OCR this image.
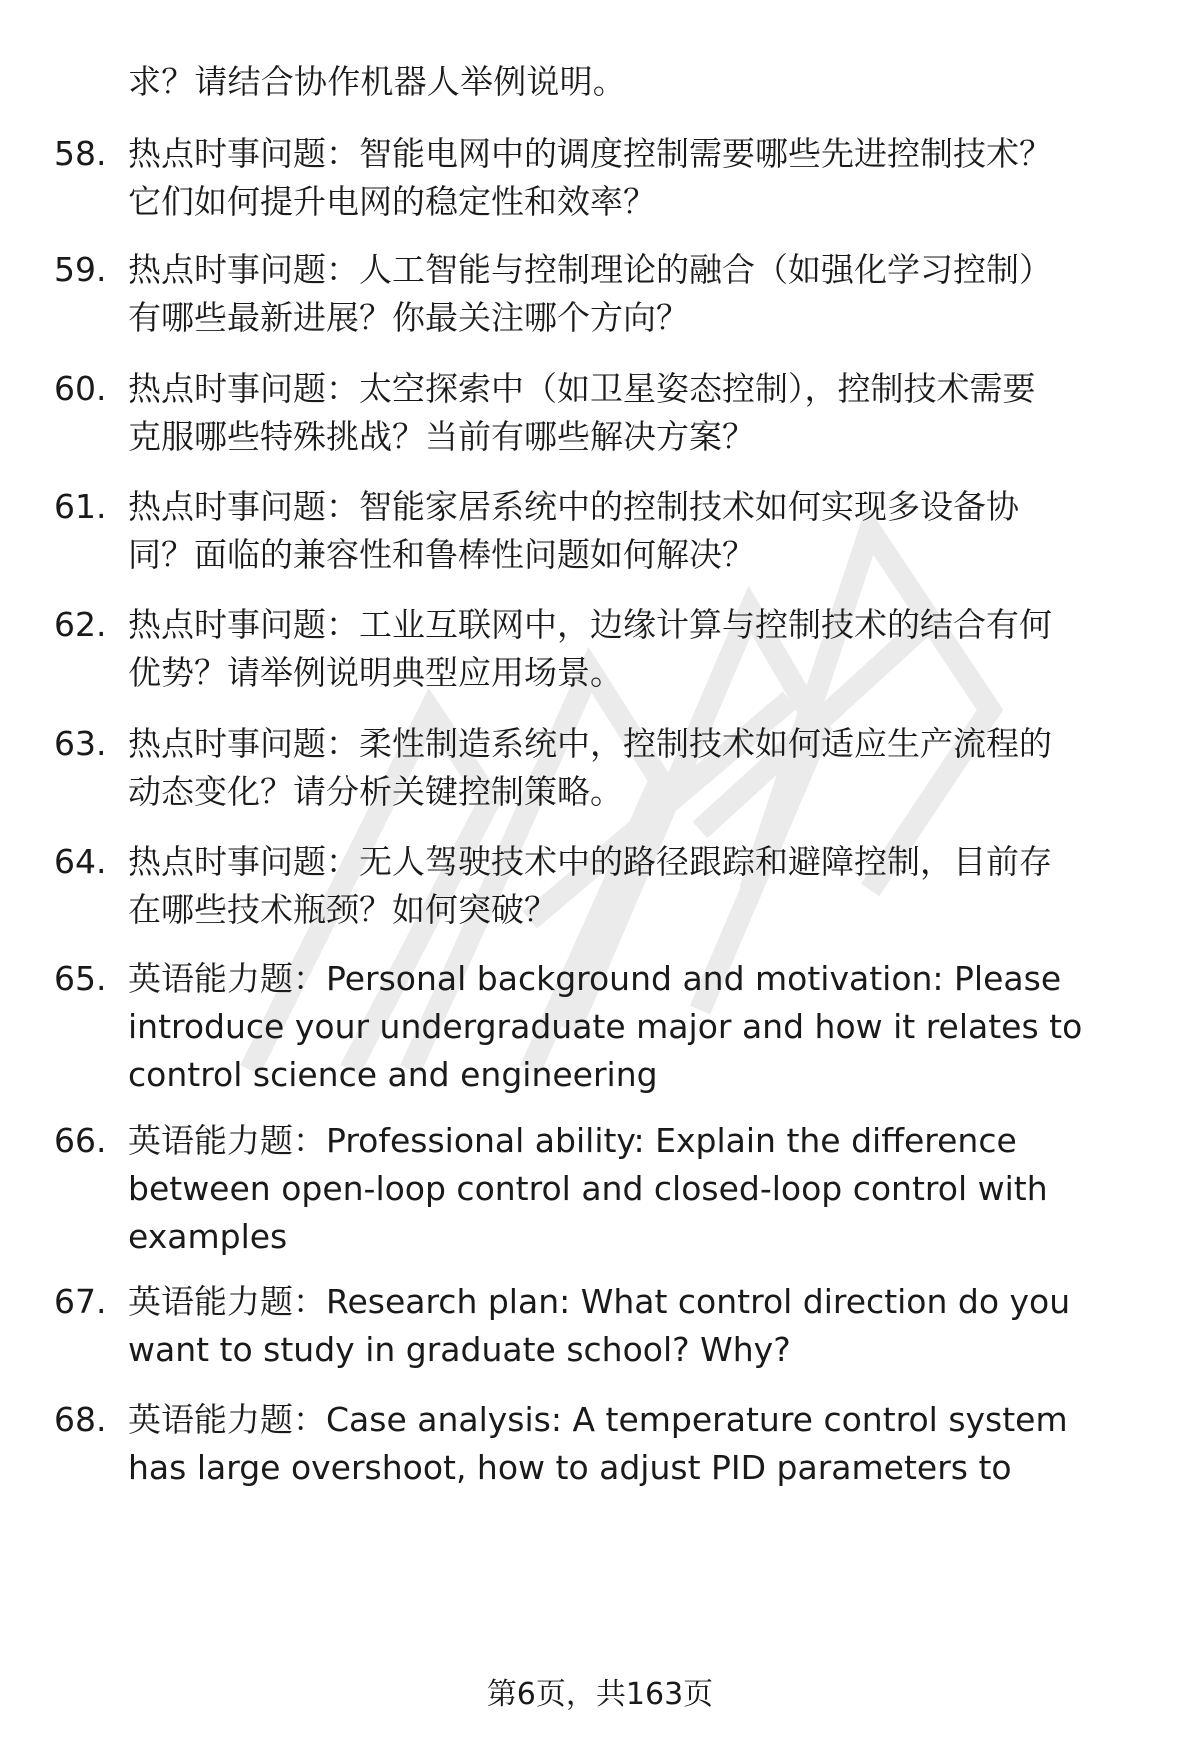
求？请结合协作机器人举例说明。
58. 热点时事问题：智能电网中的调度控制需要哪些先进控制技术？
它们如何提升电网的稳定性和效率？
59. 热点时事问题：人工智能与控制理论的融合（如强化学习控制）
有哪些最新进展？你最关注哪个方向？
60. 热点时事问题：太空探索中（如卫星姿态控制），控制技术需要
克服哪些特殊挑战？当前有哪些解决方案？
61. 热点时事问题：智能家居系统中的控制技术如何实现多设备协
同？面临的兼容性和鲁棒性问题如何解决？
62. 热点时事问题：工业互联网中，边缘计算与控制技术的结合有何
优势？请举例说明典型应用场景。
63. 热点时事问题：柔性制造系统中，控制技术如何适应生产流程的
动态变化？请分析关键控制策略。
64. 热点时事问题：无人驾驶技术中的路径跟踪和避障控制，目前存
在哪些技术瓶颈？如何突破？
65. 英语能力题：Personal background and motivation: Please
introduce your undergraduate major and how it relates to
control science and engineering
66. 英语能力题：Professional ability: Explain the difference
between open-loop control and closed-loop control with
examples
67. 英语能力题：Research plan: What control direction do you
want to study in graduate school? Why?
68. 英语能力题：Case analysis: A temperature control system
has large overshoot, how to adjust PID parameters to
第6页，共163页
